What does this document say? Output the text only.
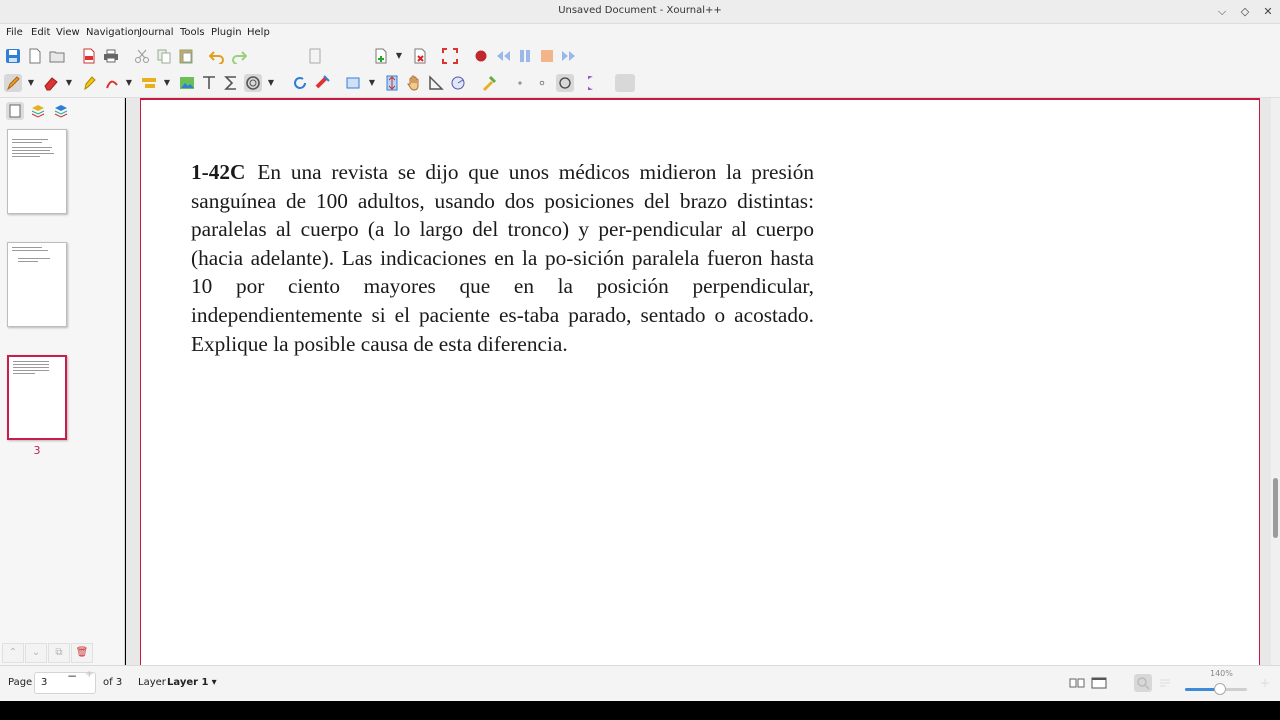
Unsaved Document - Xournal++	⌵	◇	✕
File Edit View Navigation Journal Tools Plugin Help
▼
▼	▼	▼	▼	▼	▼
3
⌃	⌄	⧉	🗑
1-42C En una revista se dijo que unos médicos midieron la presión sanguínea de 100 adultos, usando dos posiciones del brazo distintas: paralelas al cuerpo (a lo largo del tronco) y per-pendicular al cuerpo (hacia adelante). Las indicaciones en la po-sición paralela fueron hasta 10 por ciento mayores que en la posición perpendicular, independientemente si el paciente es-taba parado, sentado o acostado. Explique la posible causa de esta diferencia.
Page 3	− +
of 3 Layer Layer 1 ▾
140%
